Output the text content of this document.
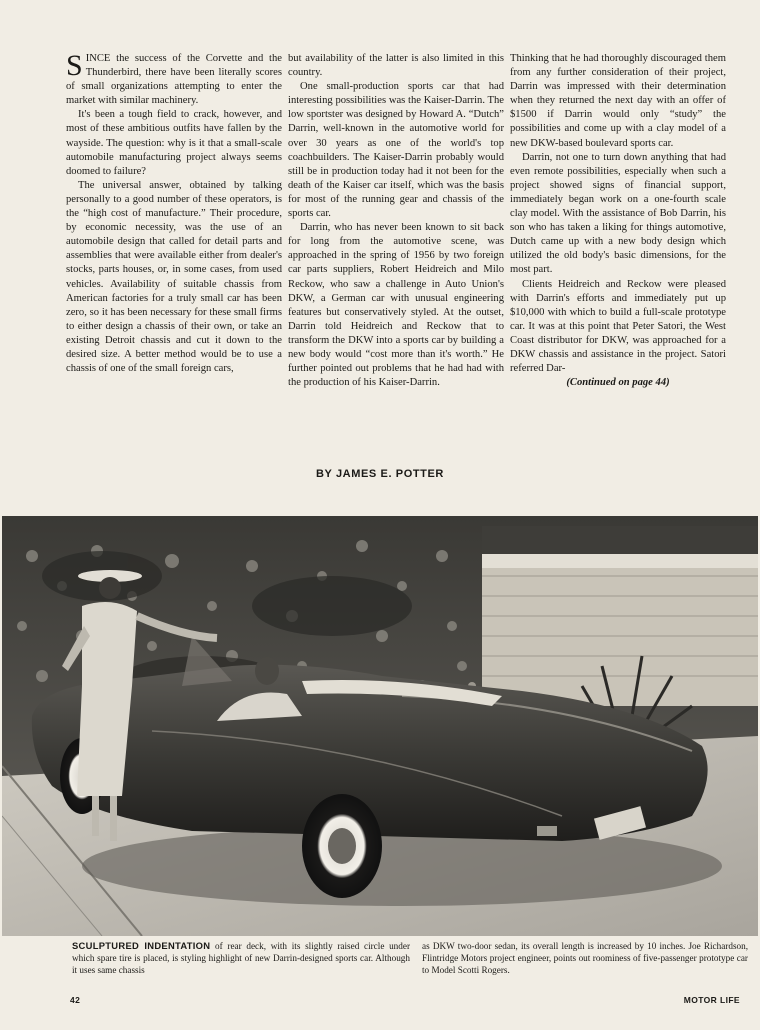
SINCE the success of the Corvette and the Thunderbird, there have been literally scores of small organizations attempting to enter the market with similar machinery.

It's been a tough field to crack, however, and most of these ambitious outfits have fallen by the wayside. The question: why is it that a small-scale automobile manufacturing project always seems doomed to failure?

The universal answer, obtained by talking personally to a good number of these operators, is the “high cost of manufacture.” Their procedure, by economic necessity, was the use of an automobile design that called for detail parts and assemblies that were available either from dealer's stocks, parts houses, or, in some cases, from used vehicles. Availability of suitable chassis from American factories for a truly small car has been zero, so it has been necessary for these small firms to either design a chassis of their own, or take an existing Detroit chassis and cut it down to the desired size. A better method would be to use a chassis of one of the small foreign cars,

but availability of the latter is also limited in this country.

One small-production sports car that had interesting possibilities was the Kaiser-Darrin. The low sportster was designed by Howard A. “Dutch” Darrin, well-known in the automotive world for over 30 years as one of the world's top coachbuilders. The Kaiser-Darrin probably would still be in production today had it not been for the death of the Kaiser car itself, which was the basis for most of the running gear and chassis of the sports car.

Darrin, who has never been known to sit back for long from the automotive scene, was approached in the spring of 1956 by two foreign car parts suppliers, Robert Heidreich and Milo Reckow, who saw a challenge in Auto Union's DKW, a German car with unusual engineering features but conservatively styled. At the outset, Darrin told Heidreich and Reckow that to transform the DKW into a sports car by building a new body would “cost more than it's worth.” He further pointed out problems that he had had with the production of his Kaiser-Darrin.

Thinking that he had thoroughly discouraged them from any further consideration of their project, Darrin was impressed with their determination when they returned the next day with an offer of $1500 if Darrin would only “study” the possibilities and come up with a clay model of a new DKW-based boulevard sports car.

Darrin, not one to turn down anything that had even remote possibilities, especially when such a project showed signs of financial support, immediately began work on a one-fourth scale clay model. With the assistance of Bob Darrin, his son who has taken a liking for things automotive, Dutch came up with a new body design which utilized the old body's basic dimensions, for the most part.

Clients Heidreich and Reckow were pleased with Darrin's efforts and immediately put up $10,000 with which to build a full-scale prototype car. It was at this point that Peter Satori, the West Coast distributor for DKW, was approached for a DKW chassis and assistance in the project. Satori referred Dar-

(Continued on page 44)

BY JAMES E. POTTER
SCULPTURED INDENTATION of rear deck, with its slightly raised circle under which spare tire is placed, is styling highlight of new Darrin-designed sports car. Although it uses same chassis
as DKW two-door sedan, its overall length is increased by 10 inches. Joe Richardson, Flintridge Motors project engineer, points out roominess of five-passenger prototype car to Model Scotti Rogers.
42	MOTOR LIFE
